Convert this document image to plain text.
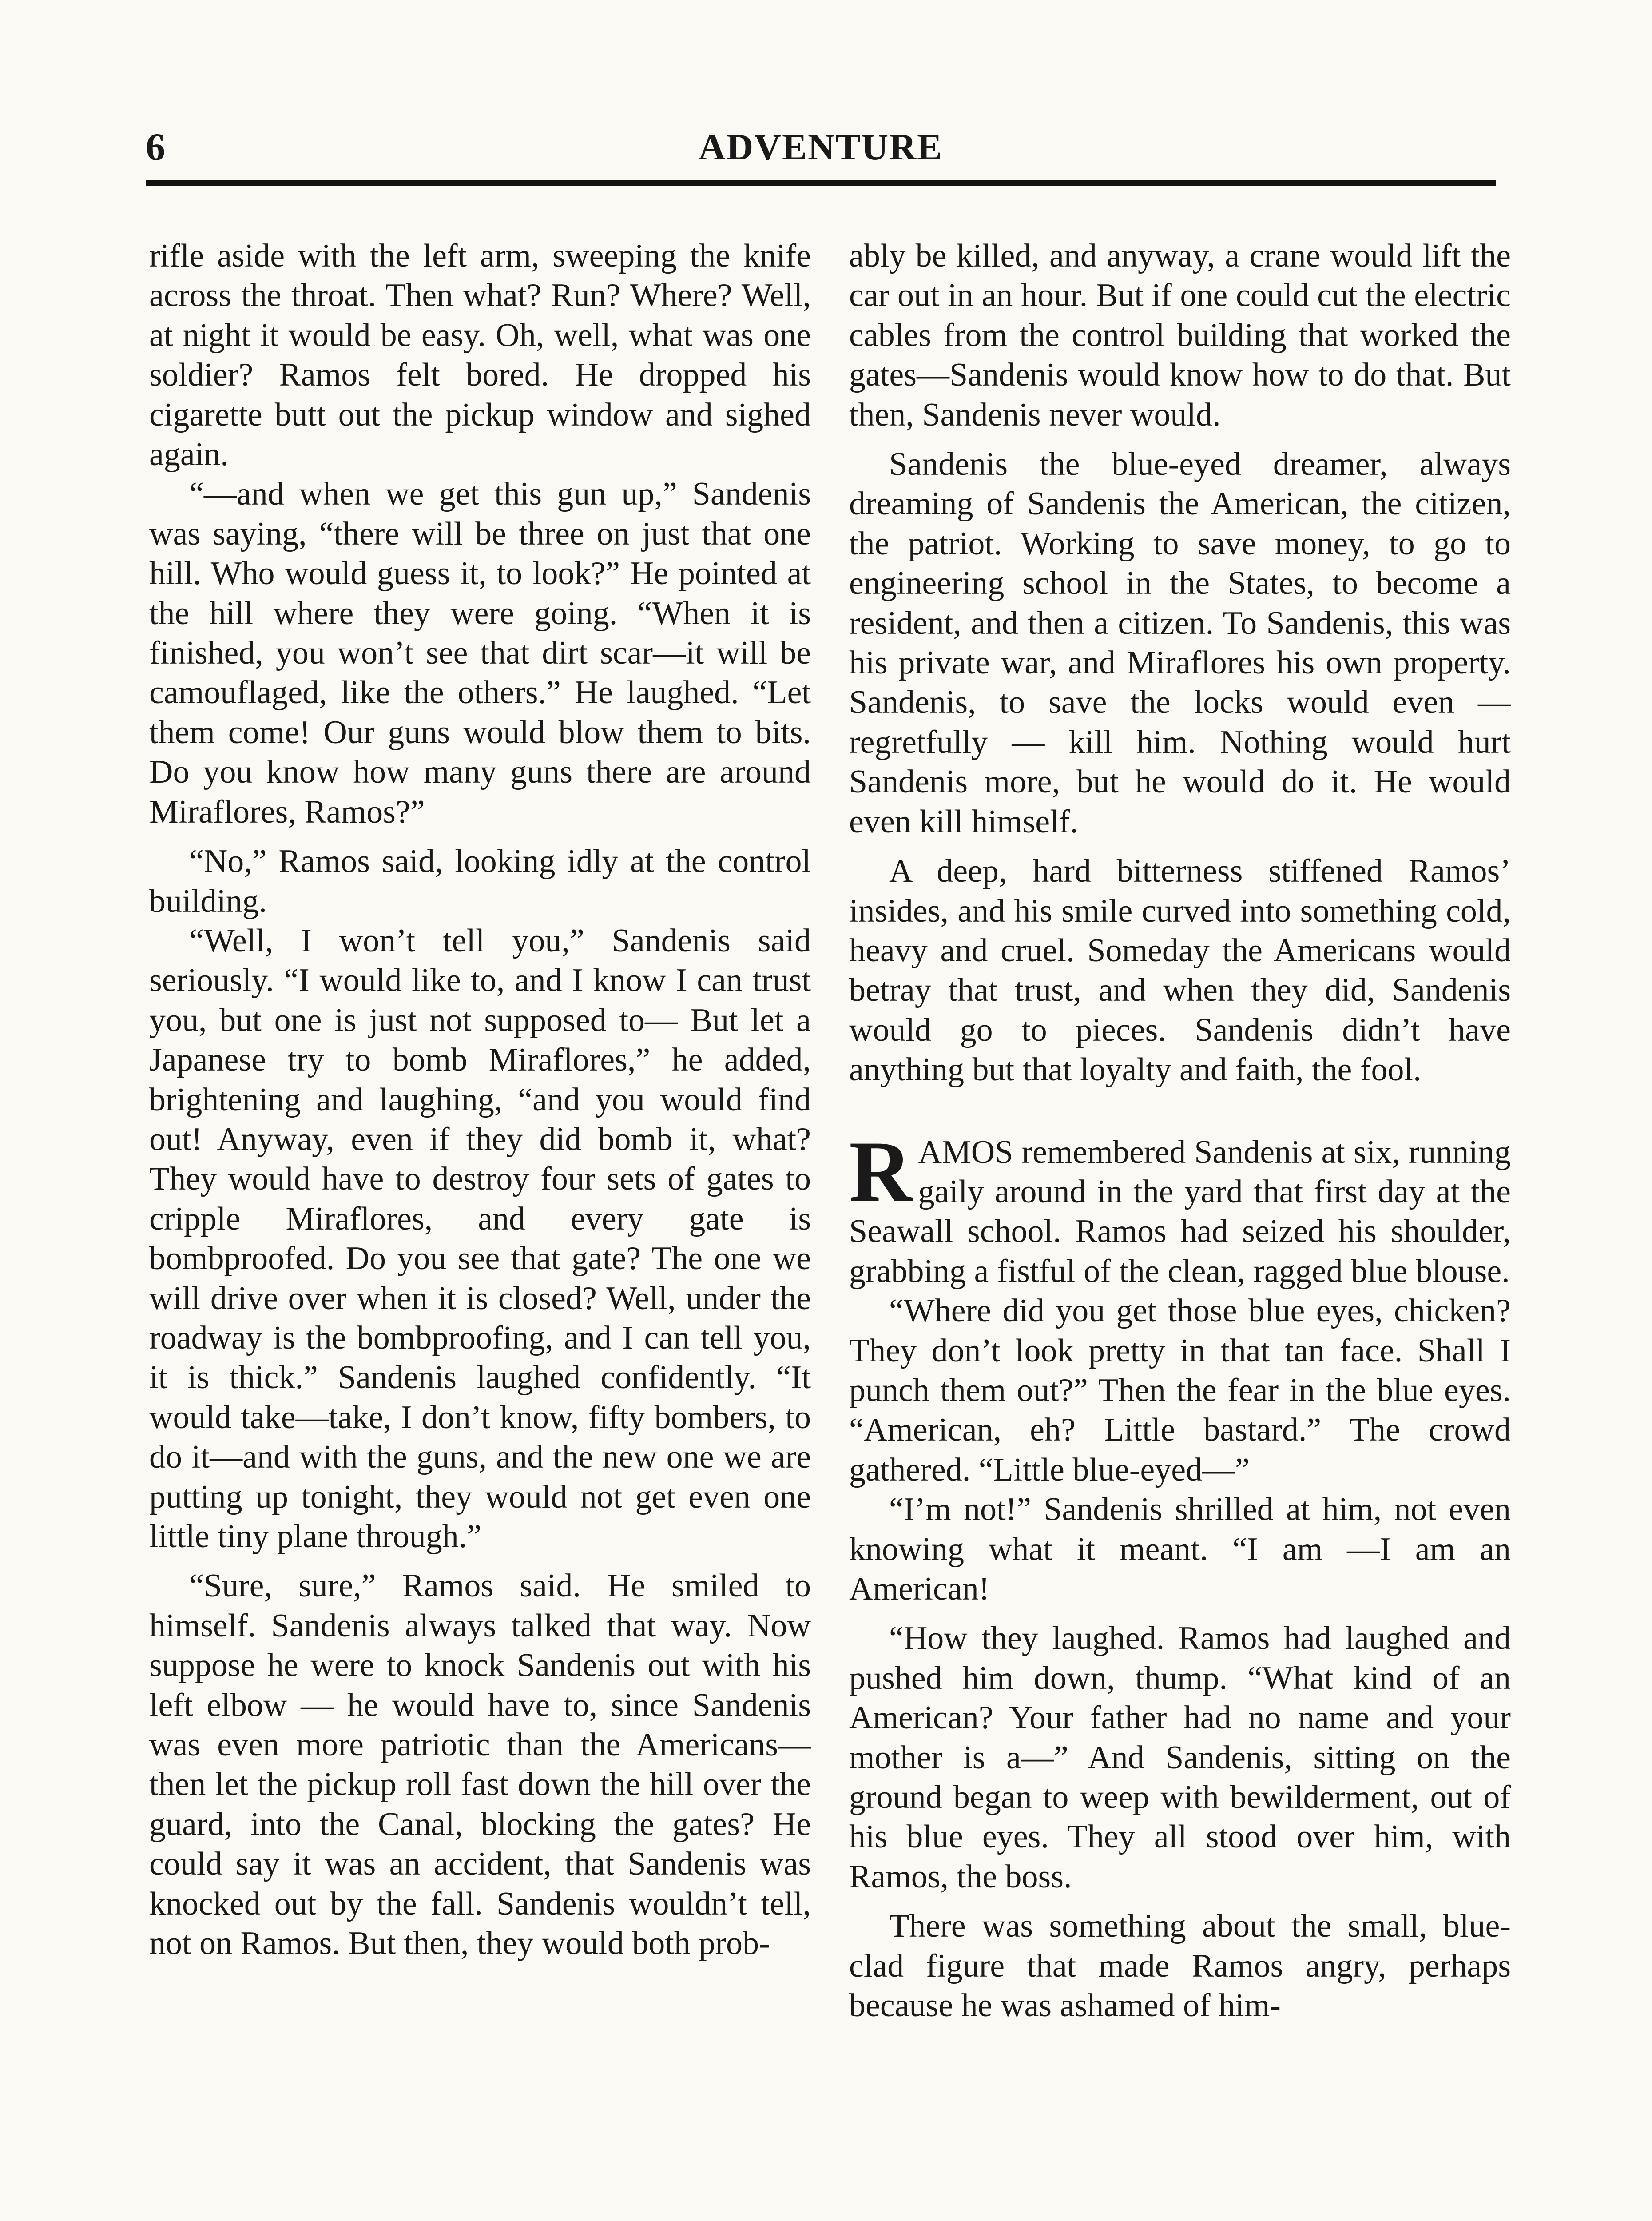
6	ADVENTURE

rifle aside with the left arm, sweeping the knife across the throat. Then what? Run? Where? Well, at night it would be easy. Oh, well, what was one soldier? Ramos felt bored. He dropped his cigarette butt out the pickup window and sighed again.

“—and when we get this gun up,” Sandenis was saying, “there will be three on just that one hill. Who would guess it, to look?” He pointed at the hill where they were going. “When it is finished, you won’t see that dirt scar—it will be camouflaged, like the others.” He laughed. “Let them come! Our guns would blow them to bits. Do you know how many guns there are around Miraflores, Ramos?”

“No,” Ramos said, looking idly at the control building.

“Well, I won’t tell you,” Sandenis said seriously. “I would like to, and I know I can trust you, but one is just not supposed to— But let a Japanese try to bomb Miraflores,” he added, brightening and laughing, “and you would find out! Anyway, even if they did bomb it, what? They would have to destroy four sets of gates to cripple Miraflores, and every gate is bombproofed. Do you see that gate? The one we will drive over when it is closed? Well, under the roadway is the bombproofing, and I can tell you, it is thick.” Sandenis laughed confidently. “It would take—take, I don’t know, fifty bombers, to do it—and with the guns, and the new one we are putting up tonight, they would not get even one little tiny plane through.”

“Sure, sure,” Ramos said. He smiled to himself. Sandenis always talked that way. Now suppose he were to knock Sandenis out with his left elbow — he would have to, since Sandenis was even more patriotic than the Americans—then let the pickup roll fast down the hill over the guard, into the Canal, blocking the gates? He could say it was an accident, that Sandenis was knocked out by the fall. Sandenis wouldn’t tell, not on Ramos. But then, they would both prob-

ably be killed, and anyway, a crane would lift the car out in an hour. But if one could cut the electric cables from the control building that worked the gates—Sandenis would know how to do that. But then, Sandenis never would.

Sandenis the blue-eyed dreamer, always dreaming of Sandenis the American, the citizen, the patriot. Working to save money, to go to engineering school in the States, to become a resident, and then a citizen. To Sandenis, this was his private war, and Miraflores his own property. Sandenis, to save the locks would even — regretfully — kill him. Nothing would hurt Sandenis more, but he would do it. He would even kill himself.

A deep, hard bitterness stiffened Ramos’ insides, and his smile curved into something cold, heavy and cruel. Someday the Americans would betray that trust, and when they did, Sandenis would go to pieces. Sandenis didn’t have anything but that loyalty and faith, the fool.

RAMOS remembered Sandenis at six, running gaily around in the yard that first day at the Seawall school. Ramos had seized his shoulder, grabbing a fistful of the clean, ragged blue blouse.

“Where did you get those blue eyes, chicken? They don’t look pretty in that tan face. Shall I punch them out?” Then the fear in the blue eyes. “American, eh? Little bastard.” The crowd gathered. “Little blue-eyed—”

“I’m not!” Sandenis shrilled at him, not even knowing what it meant. “I am —I am an American!

“How they laughed. Ramos had laughed and pushed him down, thump. “What kind of an American? Your father had no name and your mother is a—” And Sandenis, sitting on the ground began to weep with bewilderment, out of his blue eyes. They all stood over him, with Ramos, the boss.

There was something about the small, blue-clad figure that made Ramos angry, perhaps because he was ashamed of him-
